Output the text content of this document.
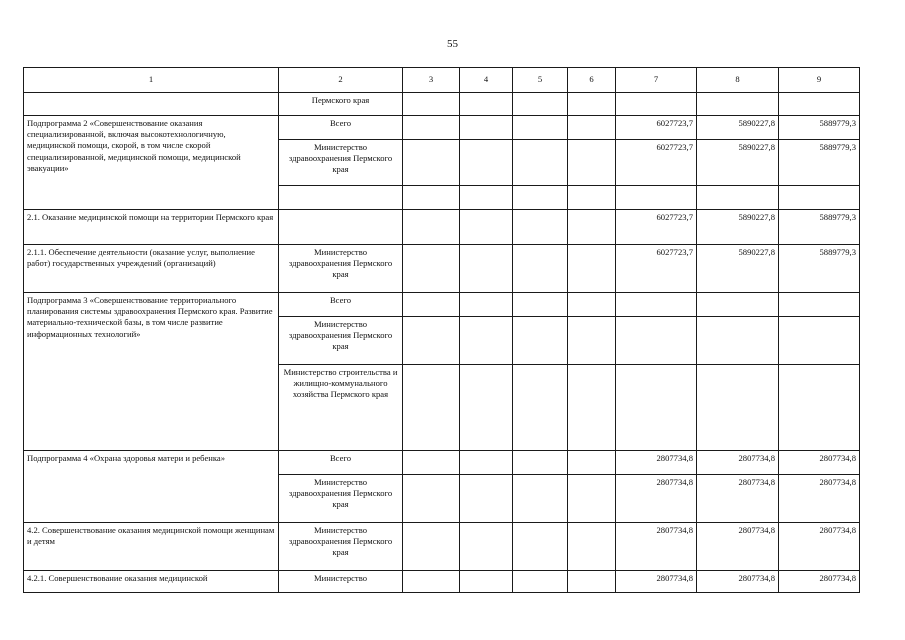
55
1	2	3	4	5	6	7	8	9
	Пермского края							
Подпрограмма 2 «Совершенствование оказания специализированной, включая высокотехнологичную, медицинской помощи, скорой, в том числе скорой специализированной, медицинской помощи, медицинской эвакуации»	Всего					6027723,7	5890227,8	5889779,3
	Министерство здравоохранения Пермского края					6027723,7	5890227,8	5889779,3

2.1. Оказание медицинской помощи на территории Пермского края						6027723,7	5890227,8	5889779,3
2.1.1. Обеспечение деятельности (оказание услуг, выполнение работ) государственных учреждений (организаций)	Министерство здравоохранения Пермского края					6027723,7	5890227,8	5889779,3
Подпрограмма 3 «Совершенствование территориального планирования системы здравоохранения Пермского края. Развитие материально-технической базы, в том числе развитие информационных технологий»	Всего							
	Министерство здравоохранения Пермского края							
	Министерство строительства и жилищно-коммунального хозяйства Пермского края							
Подпрограмма 4 «Охрана здоровья матери и ребенка»	Всего					2807734,8	2807734,8	2807734,8
	Министерство здравоохранения Пермского края					2807734,8	2807734,8	2807734,8
4.2. Совершенствование оказания медицинской помощи женщинам и детям	Министерство здравоохранения Пермского края					2807734,8	2807734,8	2807734,8
4.2.1. Совершенствование оказания медицинской	Министерство					2807734,8	2807734,8	2807734,8
